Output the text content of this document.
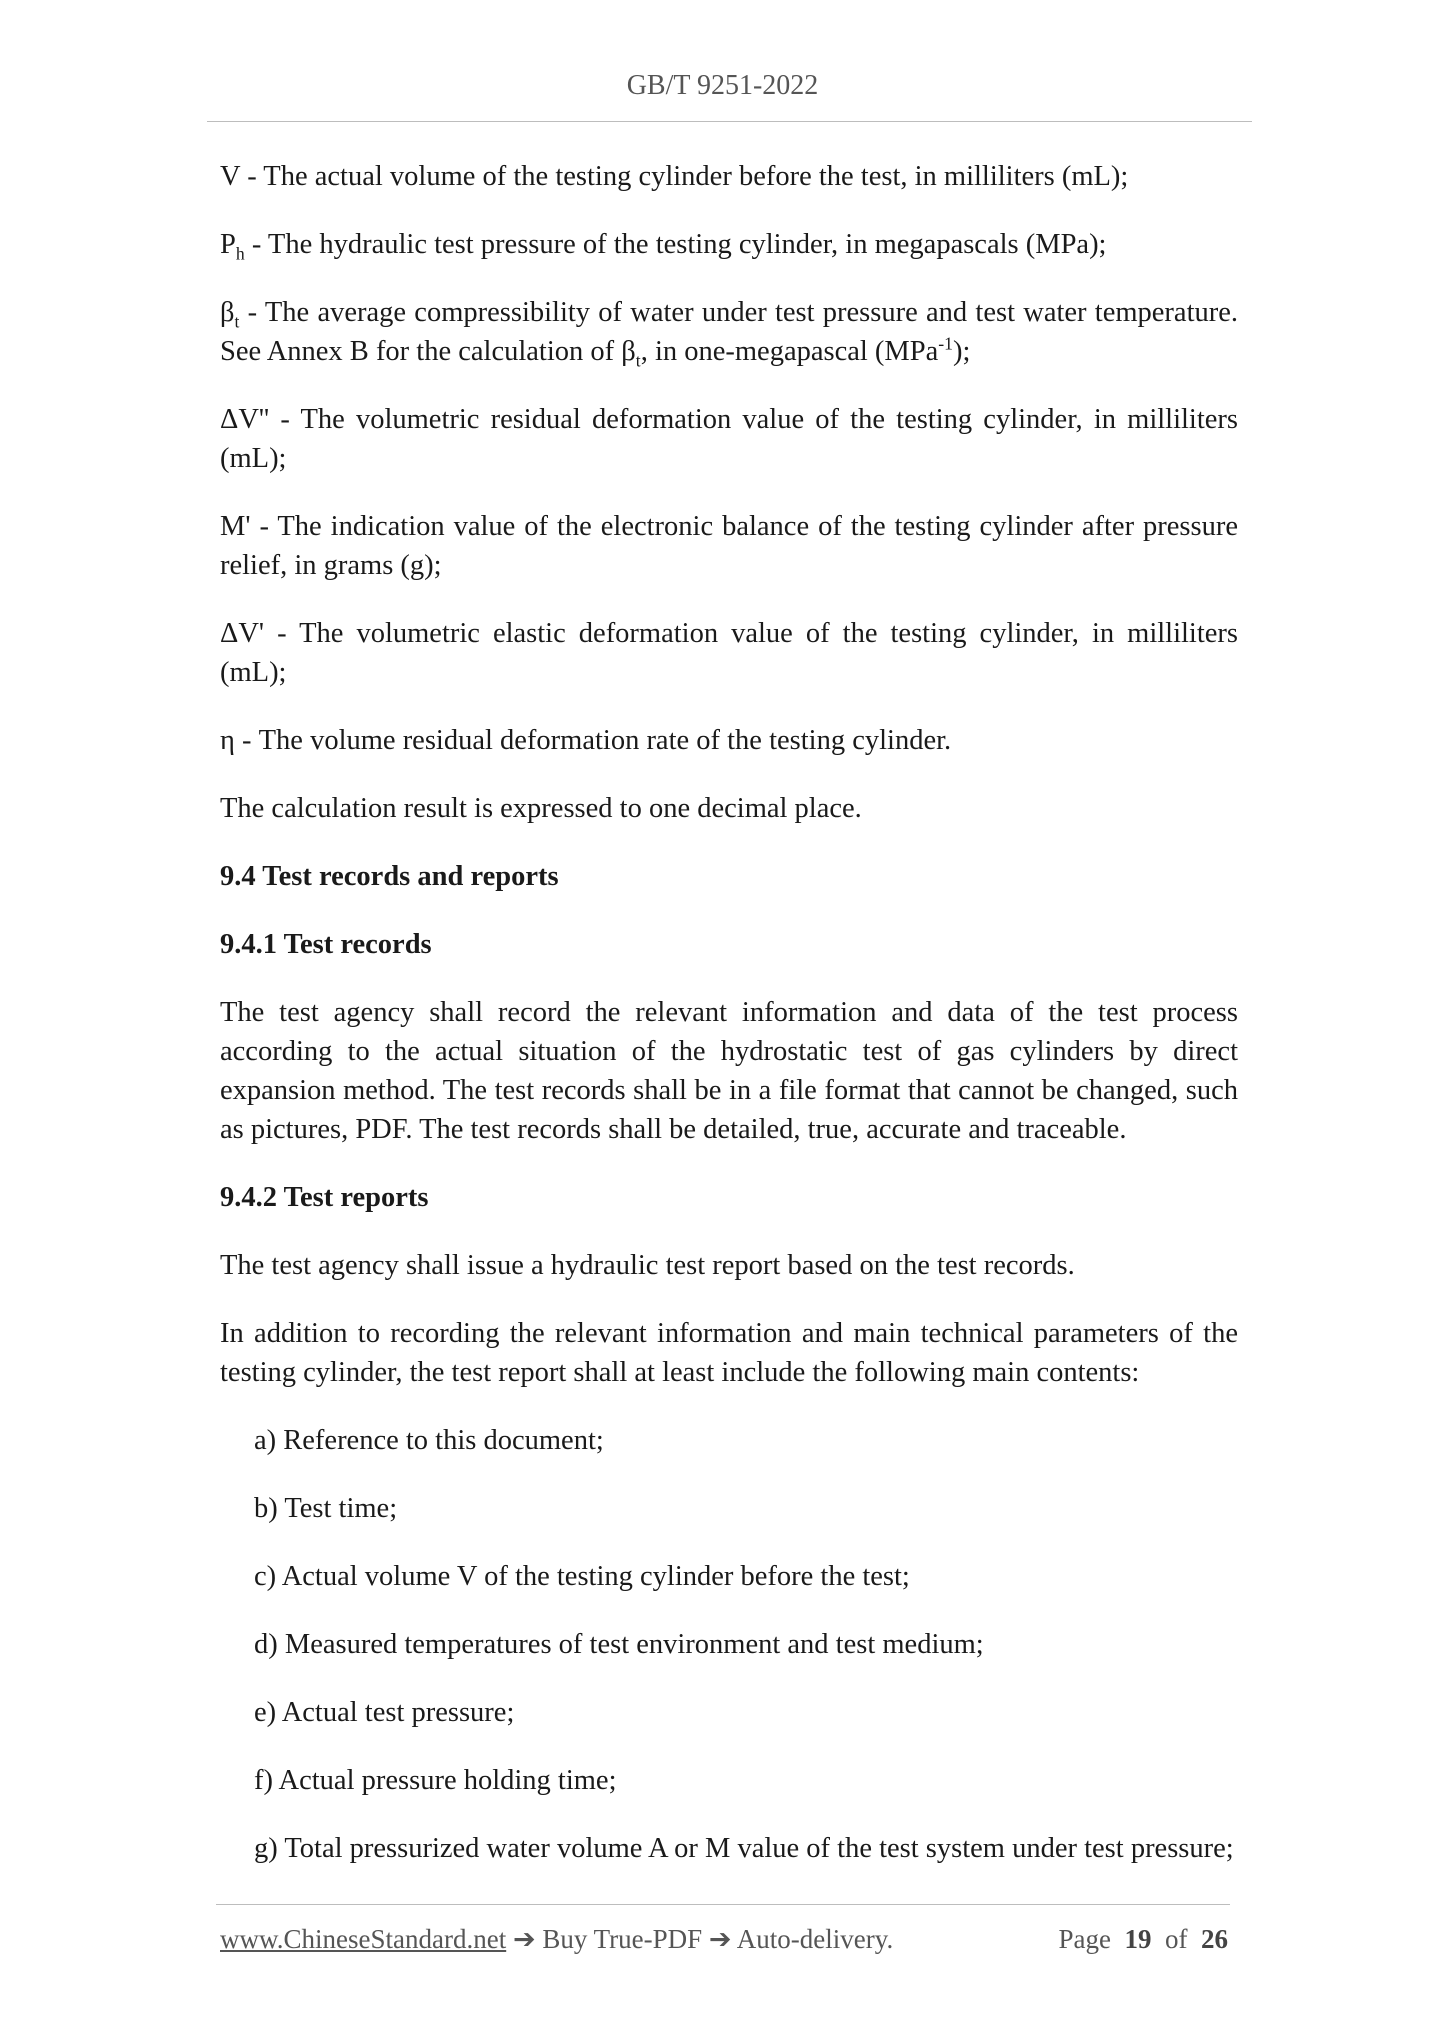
GB/T 9251-2022

V - The actual volume of the testing cylinder before the test, in milliliters (mL);

$P_h$ - The hydraulic test pressure of the testing cylinder, in megapascals (MPa);

$\beta_t$ - The average compressibility of water under test pressure and test water temperature. See Annex B for the calculation of $\beta_t$, in one-megapascal (MPa$^{-1}$);

ΔV'' - The volumetric residual deformation value of the testing cylinder, in milliliters (mL);

M' - The indication value of the electronic balance of the testing cylinder after pressure relief, in grams (g);

ΔV' - The volumetric elastic deformation value of the testing cylinder, in milliliters (mL);

η - The volume residual deformation rate of the testing cylinder.

The calculation result is expressed to one decimal place.

9.4 Test records and reports

9.4.1 Test records

The test agency shall record the relevant information and data of the test process according to the actual situation of the hydrostatic test of gas cylinders by direct expansion method. The test records shall be in a file format that cannot be changed, such as pictures, PDF. The test records shall be detailed, true, accurate and traceable.

9.4.2 Test reports

The test agency shall issue a hydraulic test report based on the test records.

In addition to recording the relevant information and main technical parameters of the testing cylinder, the test report shall at least include the following main contents:

a) Reference to this document;

b) Test time;

c) Actual volume V of the testing cylinder before the test;

d) Measured temperatures of test environment and test medium;

e) Actual test pressure;

f) Actual pressure holding time;

g) Total pressurized water volume A or M value of the test system under test pressure;

www.ChineseStandard.net ➔ Buy True-PDF ➔ Auto-delivery.	Page 19 of 26
